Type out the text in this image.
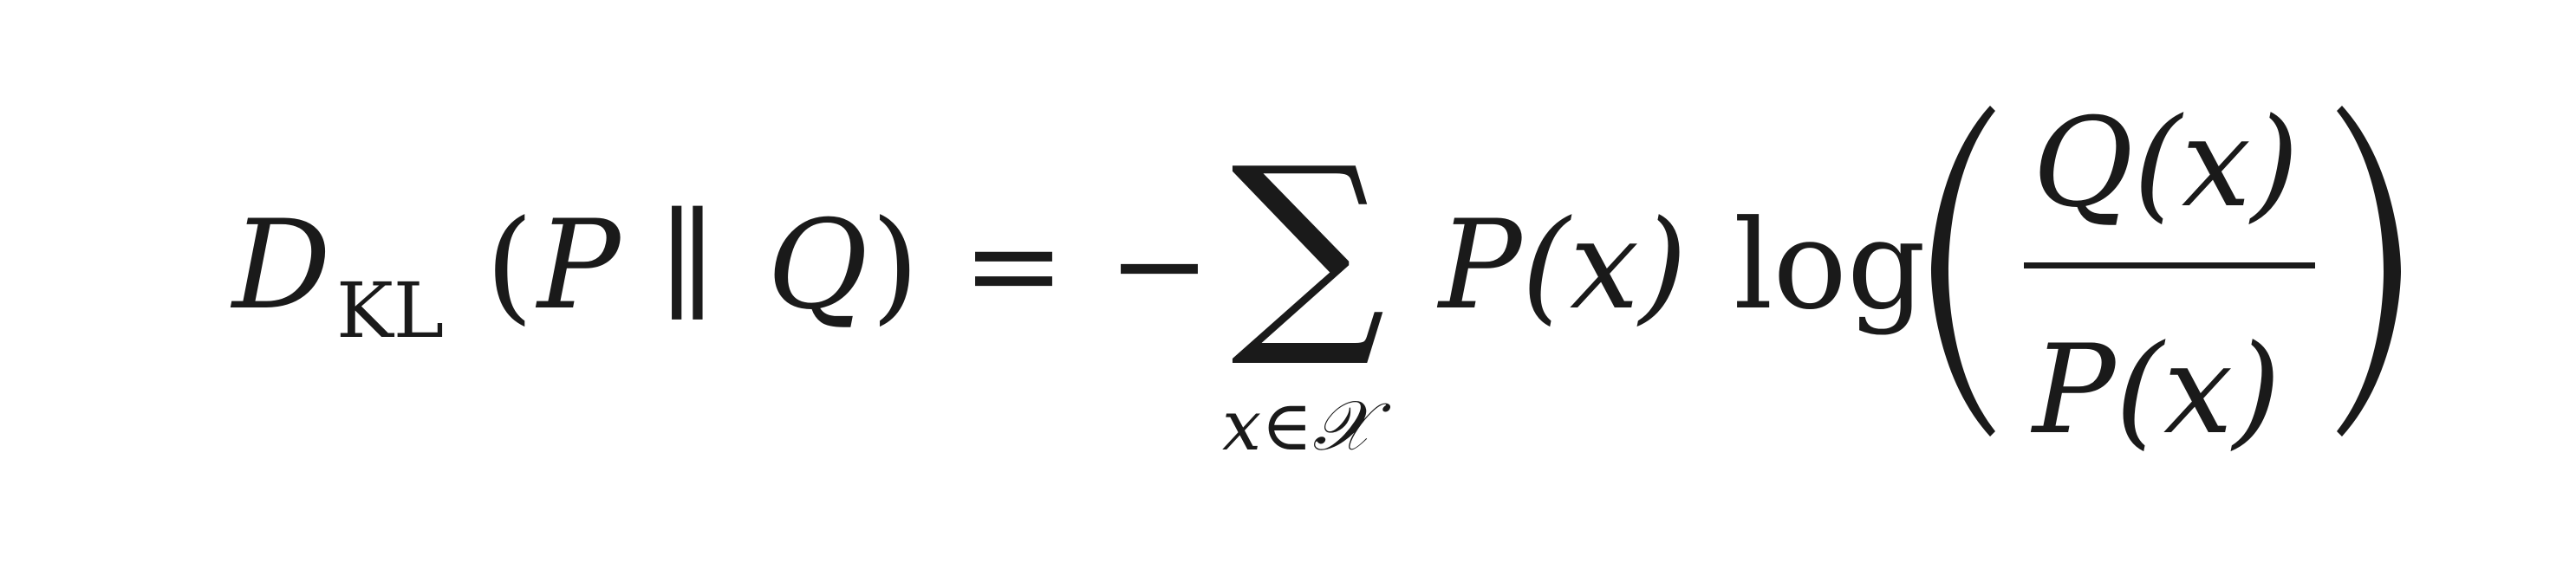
D KL ( P ∥ Q ) = − ∑
x∈𝒳
P(x) log
Q(x)
P(x)
